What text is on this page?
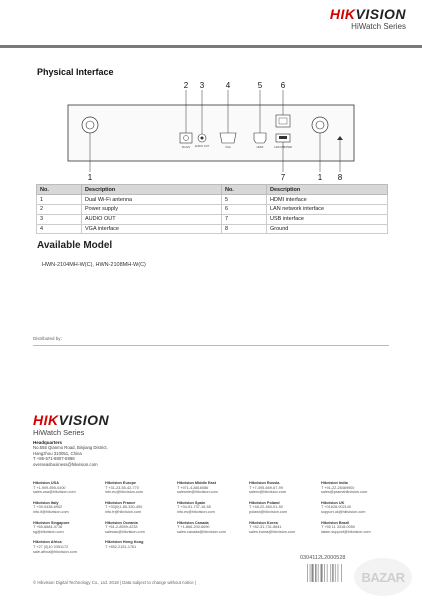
HIKVISION
HiWatch Series
Physical Interface
2 3	4	5 6
1	7	1 8
DC12V AUDIO OUT	VGA	HDMI	LAN/USB/PWR
No.	Description	No.	Description
1	Dual Wi-Fi antenna	5	HDMI interface
2	Power supply	6	LAN network interface
3	AUDIO OUT	7	USB interface
4	VGA interface	8	Ground
Available Model
HWN-2104MH-W(C), HWN-2108MH-W(C)
Distributed by:
HIKVISION
HiWatch Series
Headquarters
No.555 Qianmo Road, Binjiang District,
Hangzhou 310051, China
T +86-571-8807-5998
overseasbusiness@hikvision.com
Hikvision USA
T +1-909-895-0400
sales.usa@hikvision.com
Hikvision Europe
T +31-23-55-42-770
info.eu@hikvision.com
Hikvision Middle East
T +971-4-8816086
salesme@hikvision.com
Hikvision Russia
T +7-495-669-67-99
saleru@hikvision.com
Hikvision India
T +91-22-28469900
sales@pramahikvision.com
Hikvision Italy
T +39-0438-6902
info.it@hikvision.com
Hikvision France
T +33(0)1-85-330-450
info.fr@hikvision.com
Hikvision Spain
T +34-91-737-16-55
info.es@hikvision.com
Hikvision Poland
T +48-22-460-01-50
poland@hikvision.com
Hikvision UK
T +01628-902140
support.uk@hikvision.com
Hikvision Singapore
T +65-6684-4718
sg@hikvision.com
Hikvision Oceania
T +61-2-8599-4233
salesau@hikvision.com
Hikvision Canada
T +1-866-200-6690
sales.canada@hikvision.com
Hikvision Korea
T +82-31-731-8841
sales.korea@hikvision.com
Hikvision Brazil
T +55 11 3318-0050
latam.support@hikvision.com
Hikvision Africa
T +27 (0)10 0351172
sale.africa@hikvision.com
Hikvision Hong Kong
T +852-2151-1761
© Hikvision Digital Technology Co., Ltd. 2018 | Data subject to change without notice |
0304112L2000528
BAZAR
